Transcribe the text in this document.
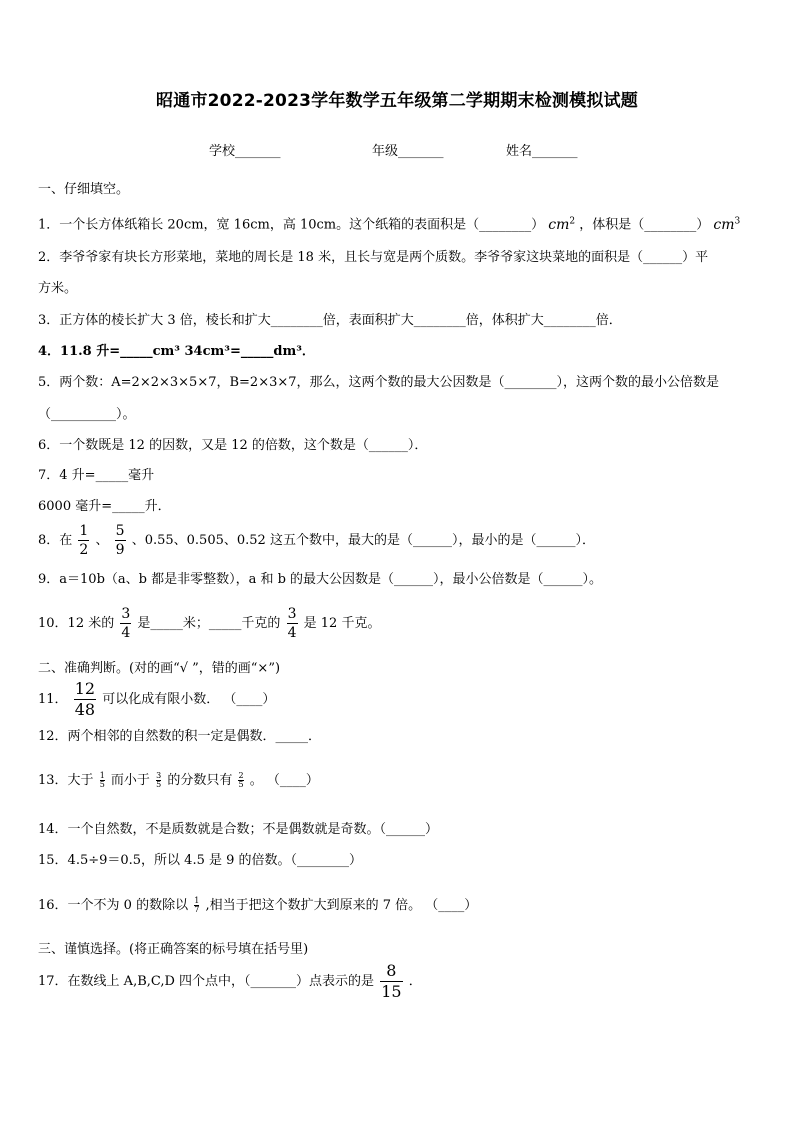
昭通市2022-2023学年数学五年级第二学期期末检测模拟试题
学校_______	年级_______	姓名_______
一、仔细填空。
1．一个长方体纸箱长 20cm，宽 16cm，高 10cm。这个纸箱的表面积是（________） $cm^2$ ，体积是（________） $cm^3$
2．李爷爷家有块长方形菜地，菜地的周长是 18 米，且长与宽是两个质数。李爷爷家这块菜地的面积是（______）平
方米。
3．正方体的棱长扩大 3 倍，棱长和扩大________倍，表面积扩大________倍，体积扩大________倍．
4．11.8 升=_____cm³ 34cm³=_____dm³．
5．两个数：A=2×2×3×5×7，B=2×3×7，那么，这两个数的最大公因数是（________），这两个数的最小公倍数是
（__________）。
6．一个数既是 12 的因数，又是 12 的倍数，这个数是（______）．
7．4 升=_____毫升
6000 毫升=_____升．
8．在 $\frac{1}{2}$ 、 $\frac{5}{9}$ 、0.55、0.505、0.52 这五个数中，最大的是（______），最小的是（______）．
9．a＝10b（a、b 都是非零整数），a 和 b 的最大公因数是（______），最小公倍数是（______）。
10．12 米的 $\frac{3}{4}$ 是_____米；_____千克的 $\frac{3}{4}$ 是 12 千克。
二、准确判断。(对的画“√ ”，错的画“×”)
11． $\frac{12}{48}$ 可以化成有限小数． （____）
12．两个相邻的自然数的积一定是偶数．_____．
13．大于 $\frac{1}{5}$ 而小于 $\frac{3}{5}$ 的分数只有 $\frac{2}{5}$ 。 （____）
14．一个自然数，不是质数就是合数；不是偶数就是奇数。（______）
15．4.5÷9＝0.5，所以 4.5 是 9 的倍数。（________）
16．一个不为 0 的数除以 $\frac{1}{7}$ ,相当于把这个数扩大到原来的 7 倍。 （____）
三、谨慎选择。(将正确答案的标号填在括号里)
17．在数线上 A,B,C,D 四个点中，（_______）点表示的是 $\frac{8}{15}$ ．
